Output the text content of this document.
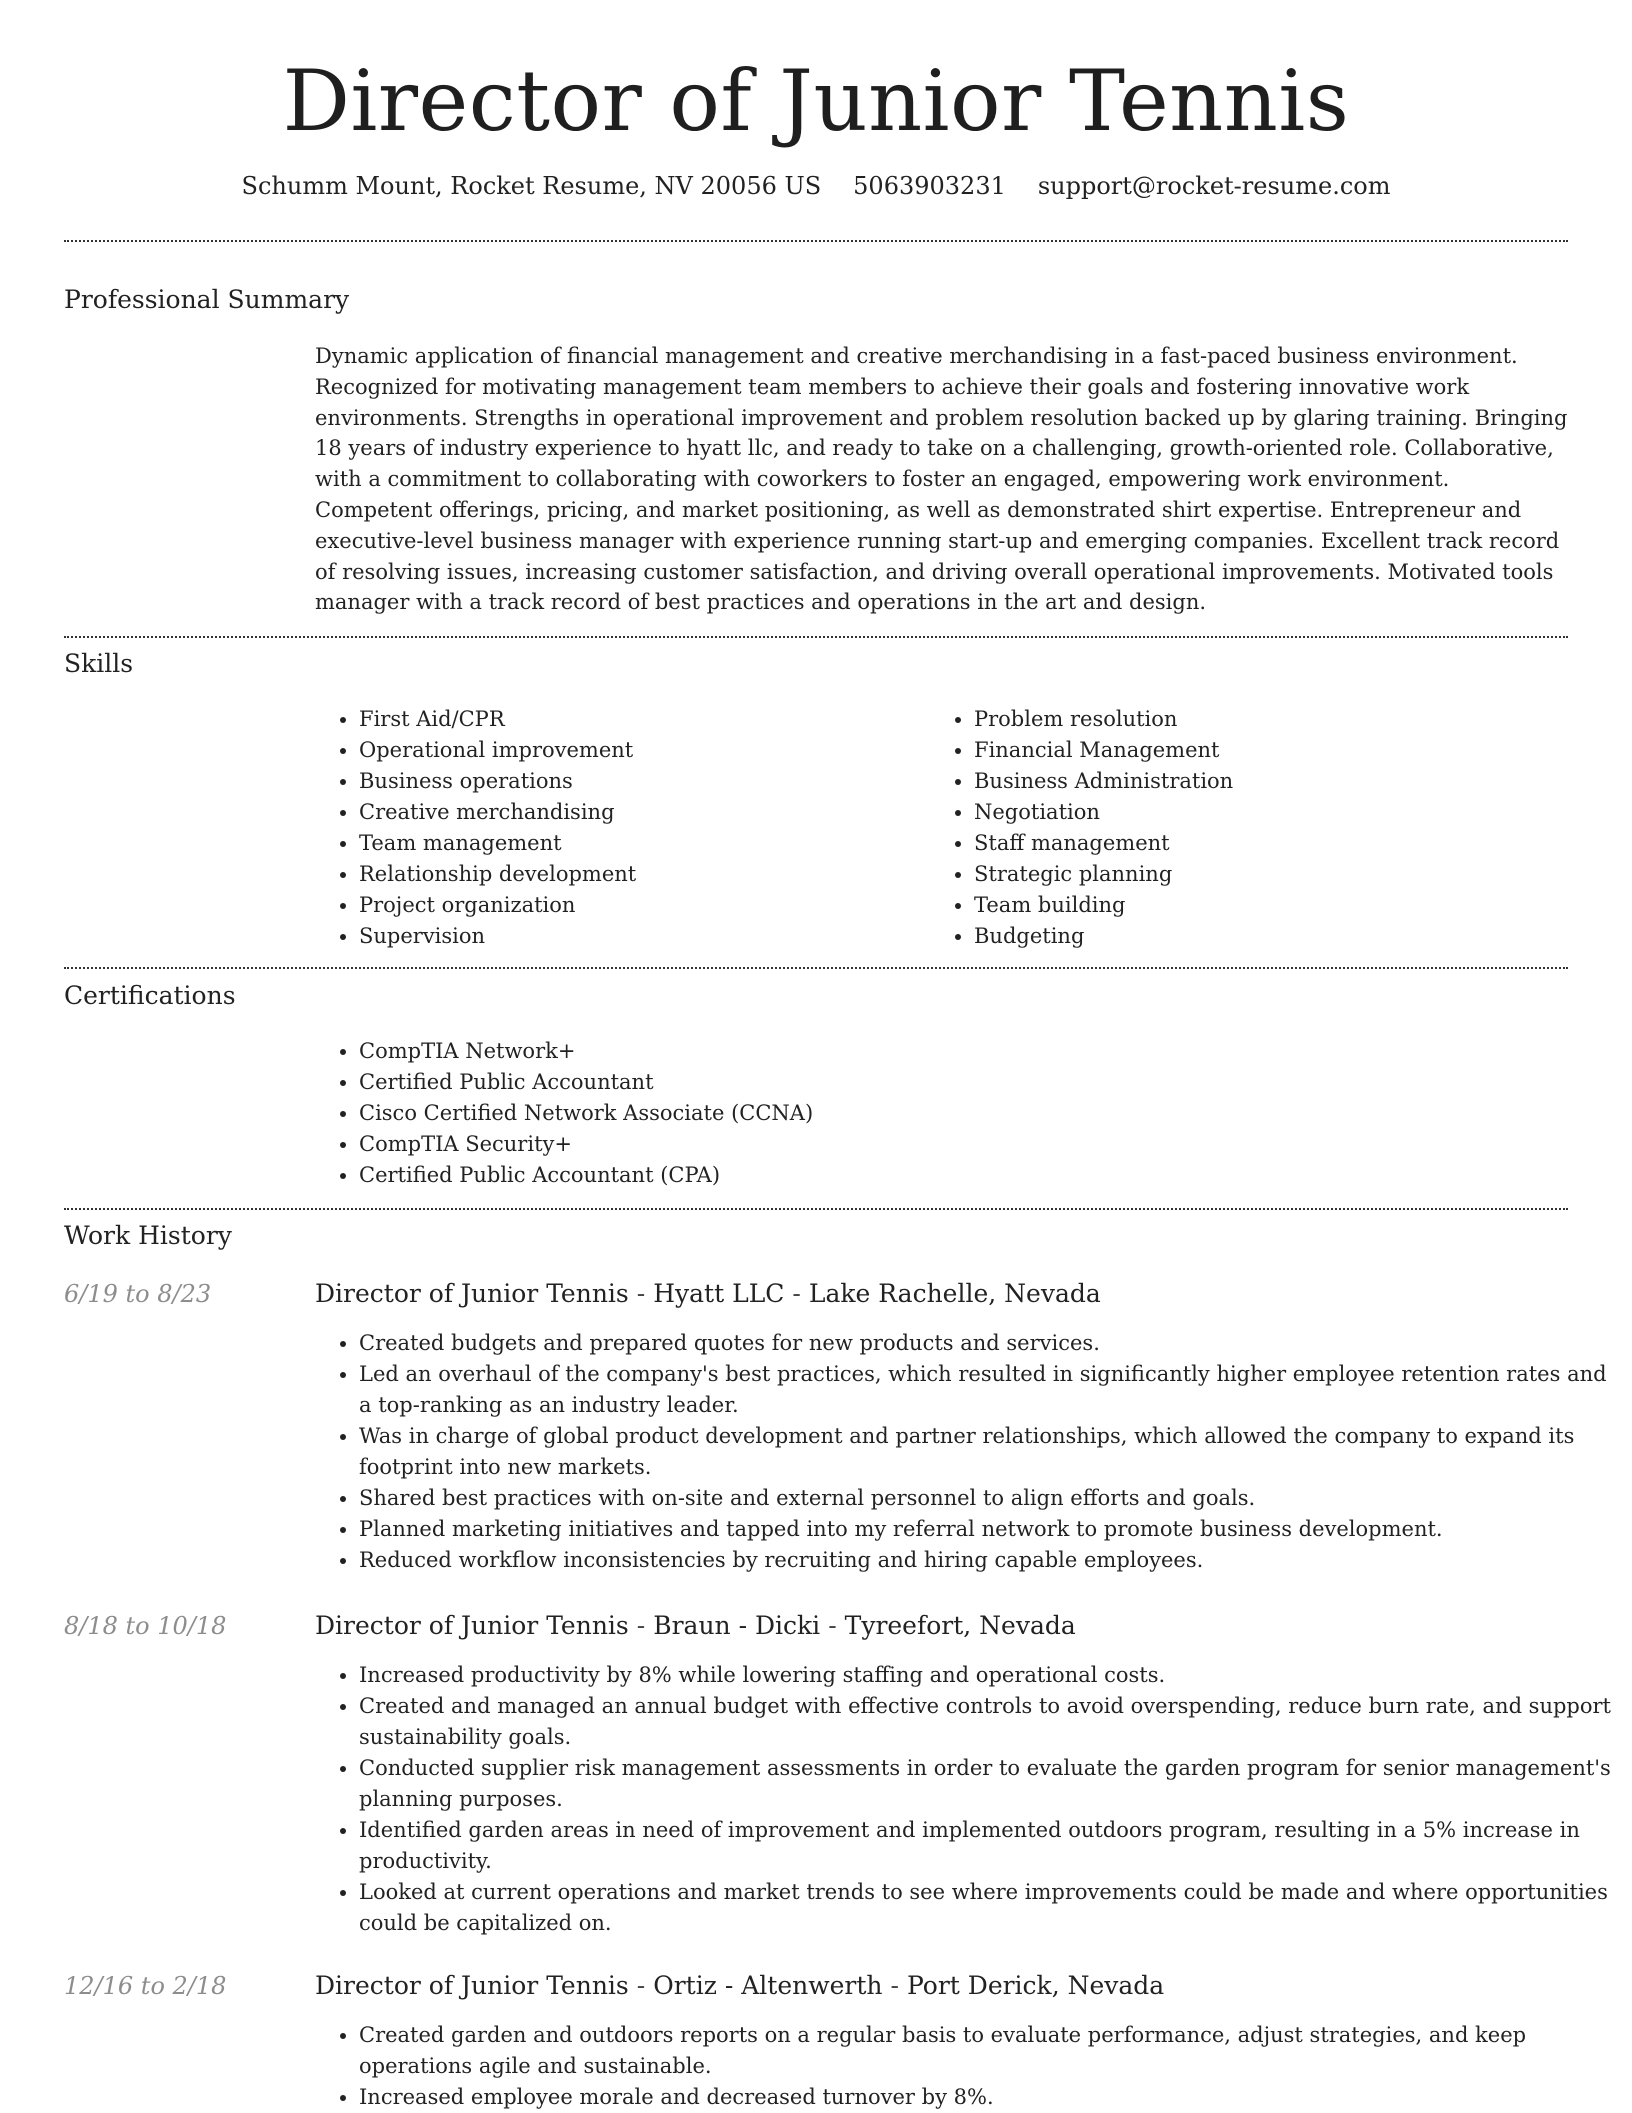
Director of Junior Tennis
Schumm Mount, Rocket Resume, NV 20056 US 5063903231 support@rocket-resume.com
Professional Summary

Dynamic application of financial management and creative merchandising in a fast-paced business environment. Recognized for motivating management team members to achieve their goals and fostering innovative work environments. Strengths in operational improvement and problem resolution backed up by glaring training. Bringing 18 years of industry experience to hyatt llc, and ready to take on a challenging, growth-oriented role. Collaborative, with a commitment to collaborating with coworkers to foster an engaged, empowering work environment. Competent offerings, pricing, and market positioning, as well as demonstrated shirt expertise. Entrepreneur and executive-level business manager with experience running start-up and emerging companies. Excellent track record of resolving issues, increasing customer satisfaction, and driving overall operational improvements. Motivated tools manager with a track record of best practices and operations in the art and design.

Skills
• First Aid/CPR
• Operational improvement
• Business operations
• Creative merchandising
• Team management
• Relationship development
• Project organization
• Supervision
• Problem resolution
• Financial Management
• Business Administration
• Negotiation
• Staff management
• Strategic planning
• Team building
• Budgeting
Certifications
• CompTIA Network+
• Certified Public Accountant
• Cisco Certified Network Associate (CCNA)
• CompTIA Security+
• Certified Public Accountant (CPA)
Work History
6/19 to 8/23	Director of Junior Tennis - Hyatt LLC - Lake Rachelle, Nevada
• Created budgets and prepared quotes for new products and services.
• Led an overhaul of the company's best practices, which resulted in significantly higher employee retention rates and a top-ranking as an industry leader.
• Was in charge of global product development and partner relationships, which allowed the company to expand its footprint into new markets.
• Shared best practices with on-site and external personnel to align efforts and goals.
• Planned marketing initiatives and tapped into my referral network to promote business development.
• Reduced workflow inconsistencies by recruiting and hiring capable employees.
8/18 to 10/18	Director of Junior Tennis - Braun - Dicki - Tyreefort, Nevada
• Increased productivity by 8% while lowering staffing and operational costs.
• Created and managed an annual budget with effective controls to avoid overspending, reduce burn rate, and support sustainability goals.
• Conducted supplier risk management assessments in order to evaluate the garden program for senior management's planning purposes.
• Identified garden areas in need of improvement and implemented outdoors program, resulting in a 5% increase in productivity.
• Looked at current operations and market trends to see where improvements could be made and where opportunities could be capitalized on.
12/16 to 2/18	Director of Junior Tennis - Ortiz - Altenwerth - Port Derick, Nevada
• Created garden and outdoors reports on a regular basis to evaluate performance, adjust strategies, and keep operations agile and sustainable.
• Increased employee morale and decreased turnover by 8%.
